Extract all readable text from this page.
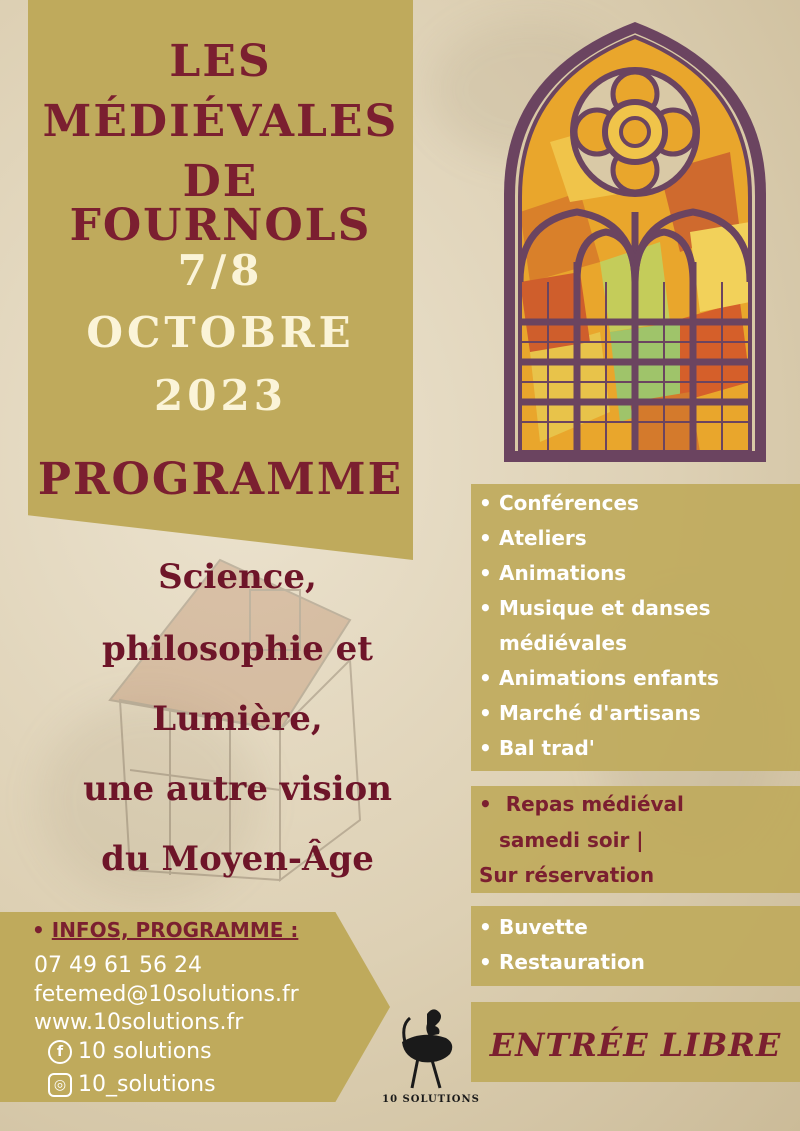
LES
MÉDIÉVALES
DE FOURNOLS
7/8
OCTOBRE
2023
PROGRAMME
Science,
philosophie et
Lumière,
une autre vision
du Moyen-Âge
• Conférences
• Ateliers
• Animations
• Musique et danses
médiévales
• Animations enfants
• Marché d'artisans
• Bal trad'
•  Repas médiéval
samedi soir |
Sur réservation
• Buvette
• Restauration
ENTRÉE LIBRE
• INFOS, PROGRAMME :
07 49 61 56 24
fetemed@10solutions.fr
www.10solutions.fr
f 10 solutions
◎ 10_solutions
10 SOLUTIONS
